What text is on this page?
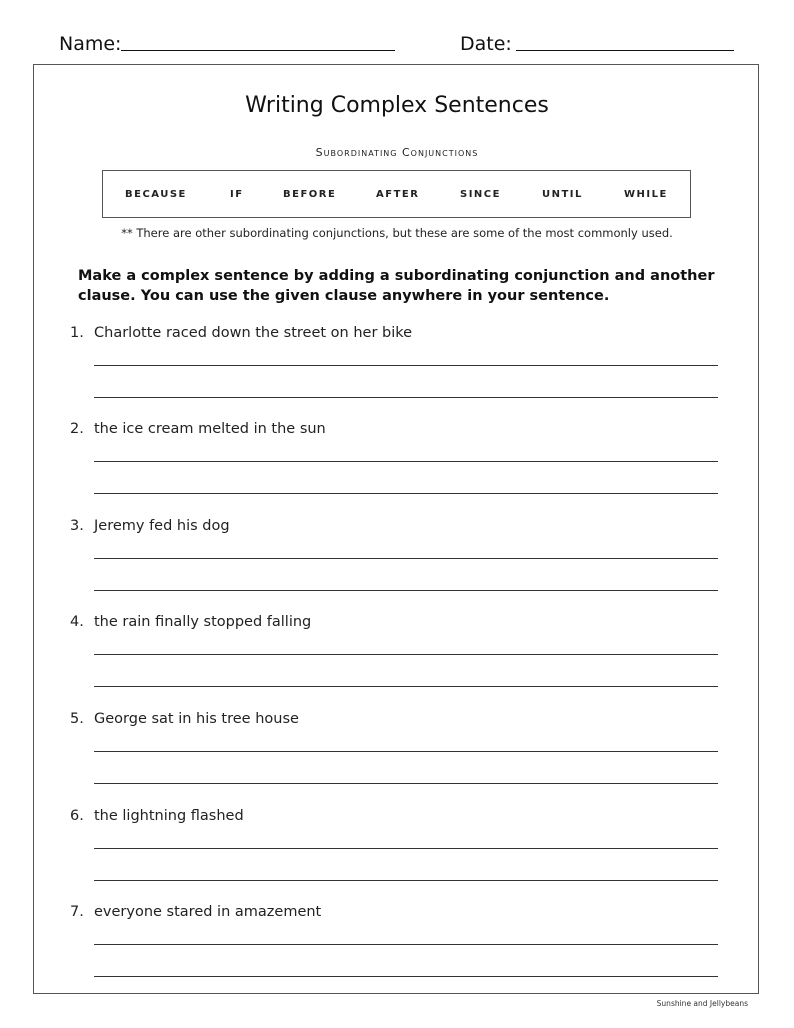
Name:	Date:
Writing Complex Sentences
Subordinating Conjunctions
BECAUSE	IF	BEFORE	AFTER	SINCE	UNTIL	WHILE
** There are other subordinating conjunctions, but these are some of the most commonly used.
Make a complex sentence by adding a subordinating conjunction and another clause. You can use the given clause anywhere in your sentence.
1. Charlotte raced down the street on her bike
2. the ice cream melted in the sun
3. Jeremy fed his dog
4. the rain finally stopped falling
5. George sat in his tree house
6. the lightning flashed
7. everyone stared in amazement
Sunshine and Jellybeans
